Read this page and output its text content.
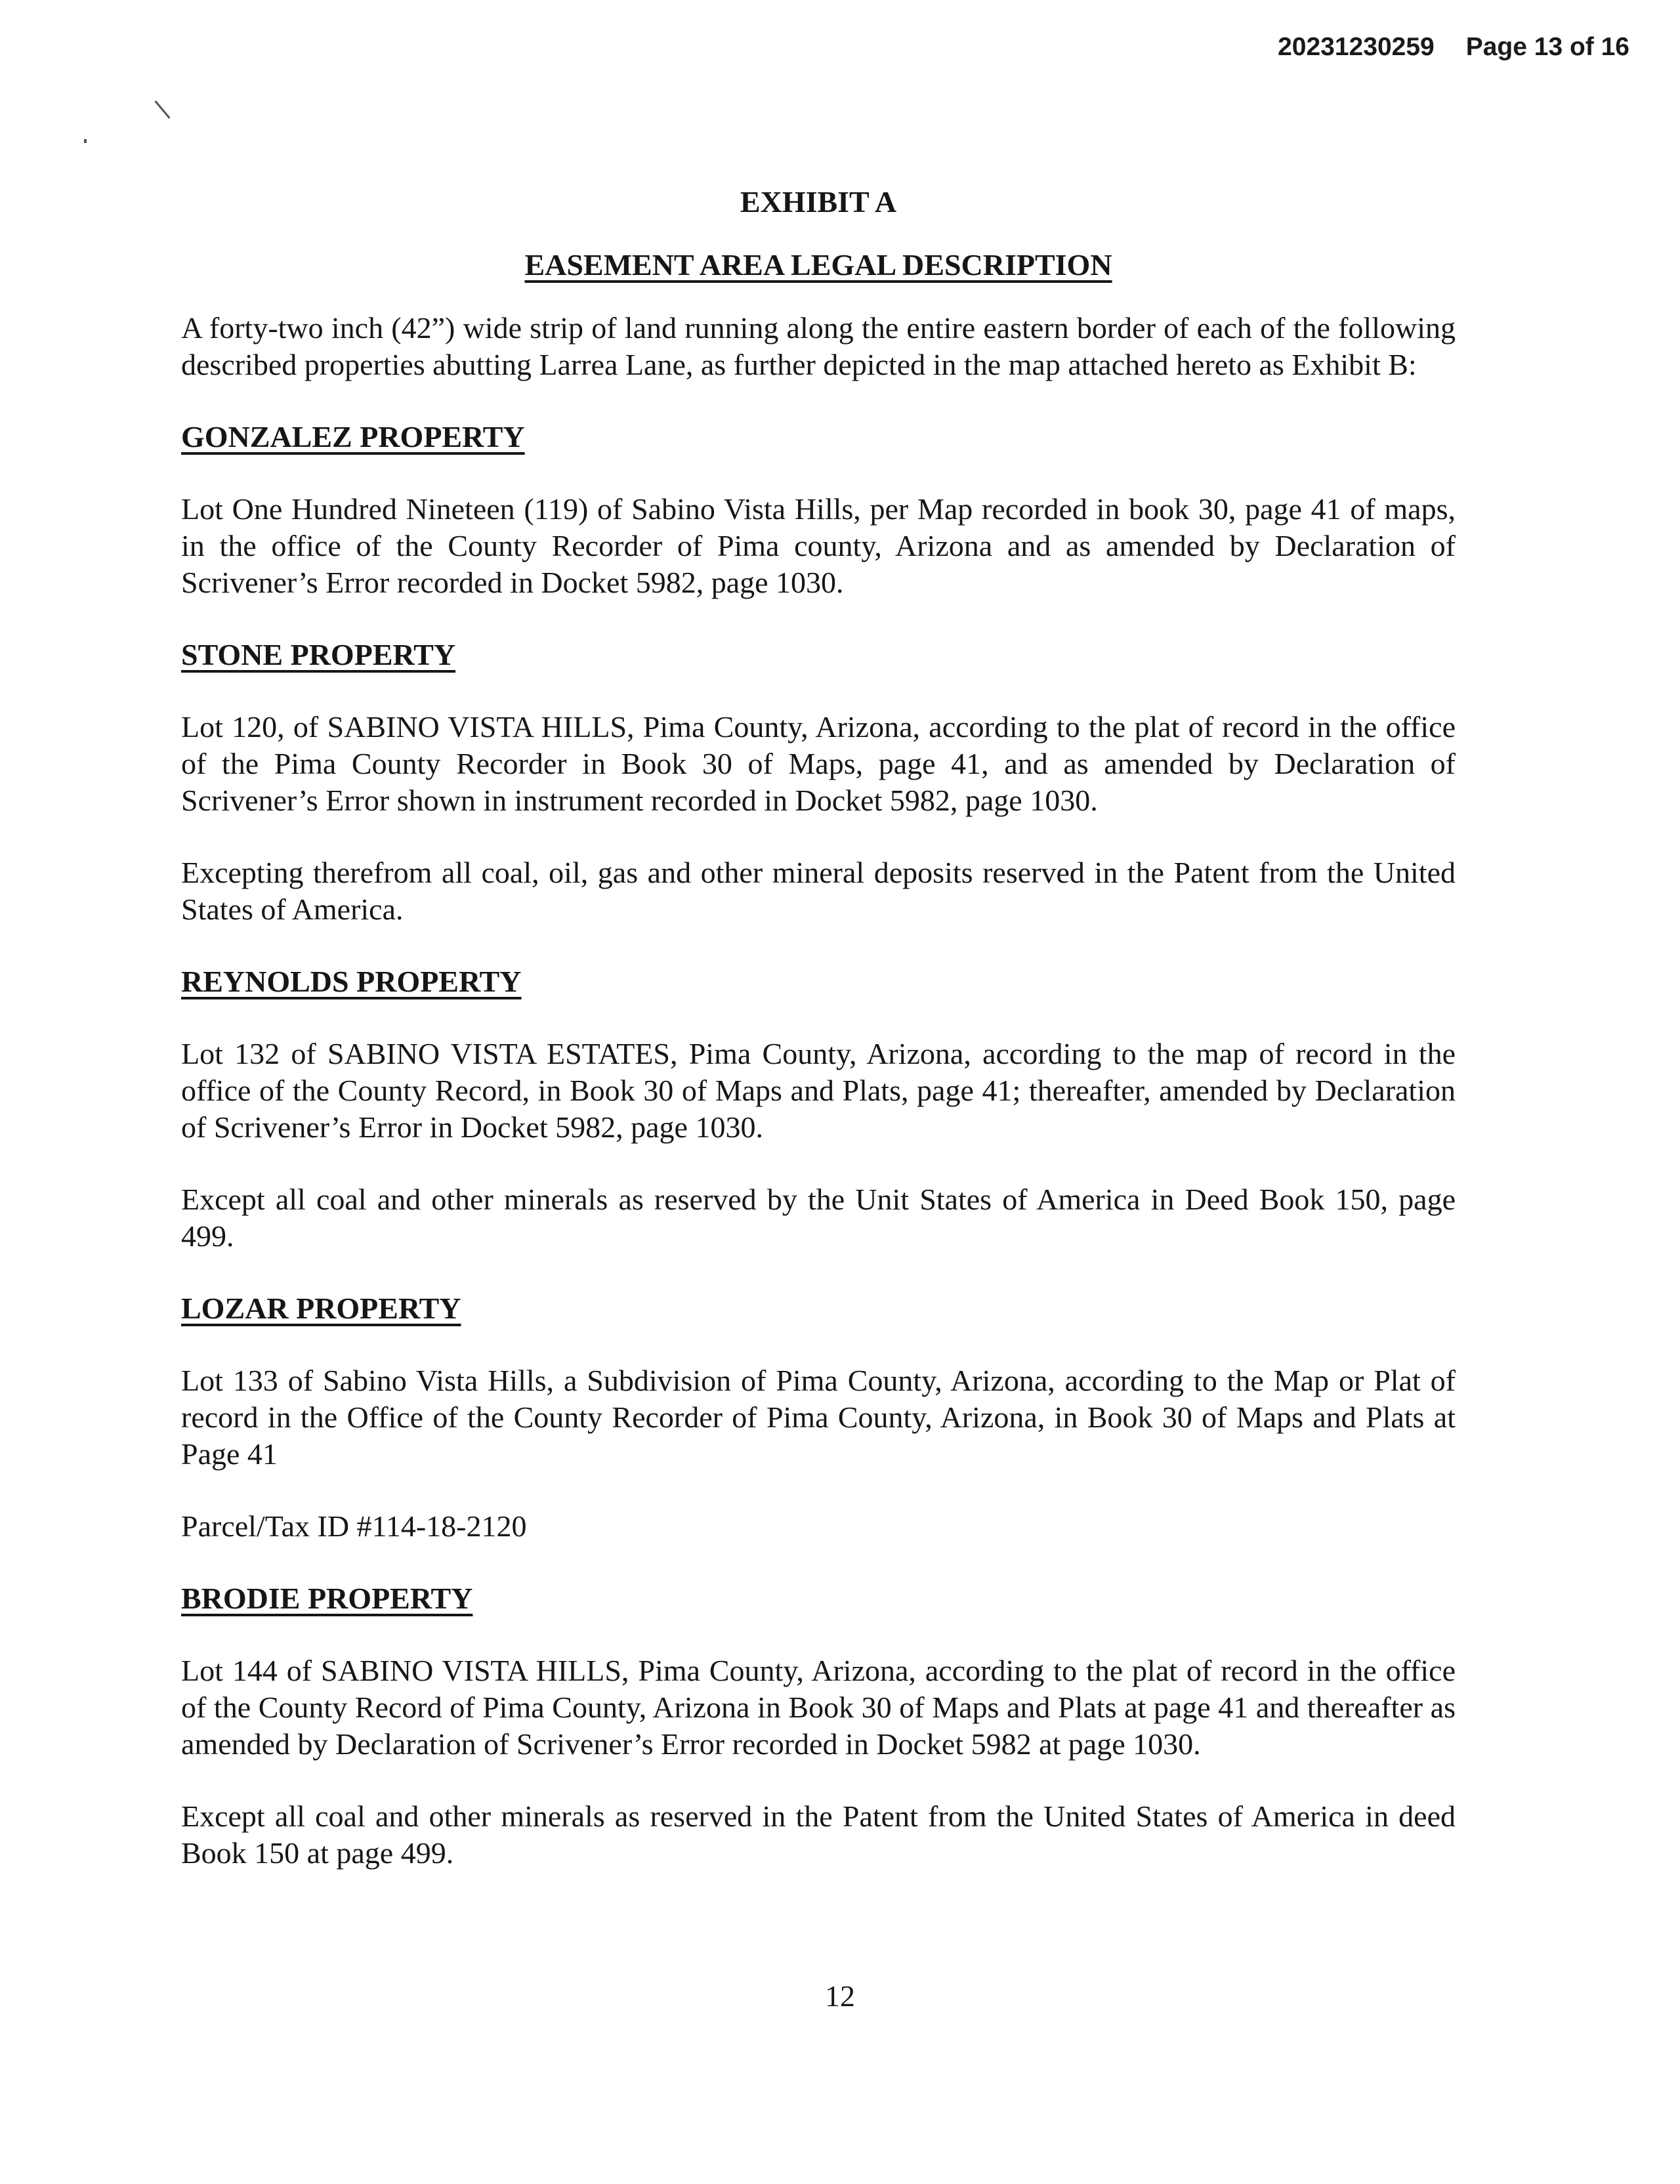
20231230259 Page 13 of 16
EXHIBIT A
EASEMENT AREA LEGAL DESCRIPTION

A forty-two inch (42”) wide strip of land running along the entire eastern border of each of the following described properties abutting Larrea Lane, as further depicted in the map attached hereto as Exhibit B:

GONZALEZ PROPERTY

Lot One Hundred Nineteen (119) of Sabino Vista Hills, per Map recorded in book 30, page 41 of maps, in the office of the County Recorder of Pima county, Arizona and as amended by Declaration of Scrivener’s Error recorded in Docket 5982, page 1030.

STONE PROPERTY

Lot 120, of SABINO VISTA HILLS, Pima County, Arizona, according to the plat of record in the office of the Pima County Recorder in Book 30 of Maps, page 41, and as amended by Declaration of Scrivener’s Error shown in instrument recorded in Docket 5982, page 1030.

Excepting therefrom all coal, oil, gas and other mineral deposits reserved in the Patent from the United States of America.

REYNOLDS PROPERTY

Lot 132 of SABINO VISTA ESTATES, Pima County, Arizona, according to the map of record in the office of the County Record, in Book 30 of Maps and Plats, page 41; thereafter, amended by Declaration of Scrivener’s Error in Docket 5982, page 1030.

Except all coal and other minerals as reserved by the Unit States of America in Deed Book 150, page 499.

LOZAR PROPERTY

Lot 133 of Sabino Vista Hills, a Subdivision of Pima County, Arizona, according to the Map or Plat of record in the Office of the County Recorder of Pima County, Arizona, in Book 30 of Maps and Plats at Page 41

Parcel/Tax ID #114-18-2120

BRODIE PROPERTY

Lot 144 of SABINO VISTA HILLS, Pima County, Arizona, according to the plat of record in the office of the County Record of Pima County, Arizona in Book 30 of Maps and Plats at page 41 and thereafter as amended by Declaration of Scrivener’s Error recorded in Docket 5982 at page 1030.

Except all coal and other minerals as reserved in the Patent from the United States of America in deed Book 150 at page 499.

12
